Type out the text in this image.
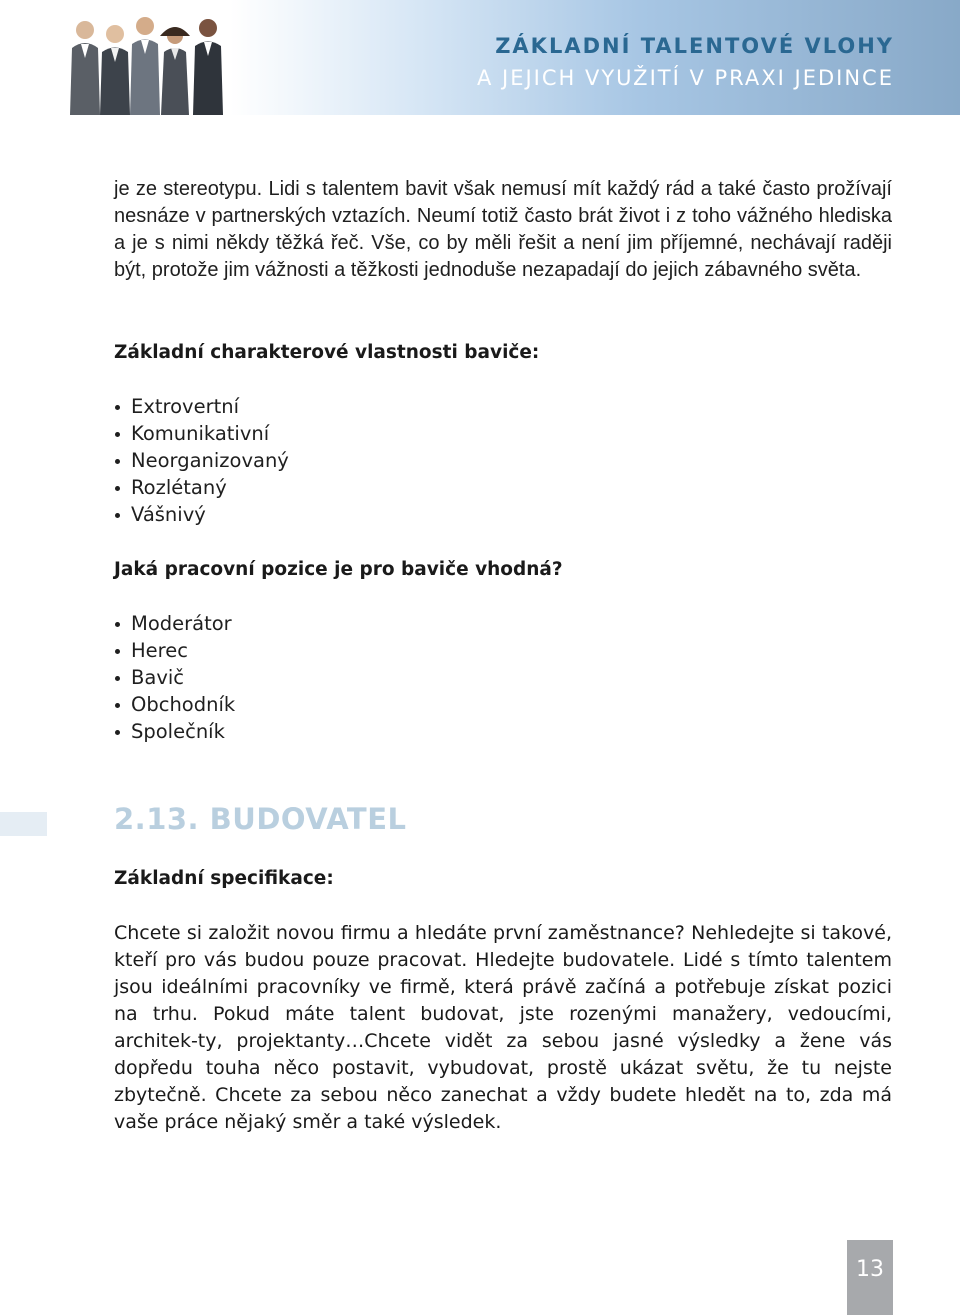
ZÁKLADNÍ TALENTOVÉ VLOHY
A JEJICH VYUŽITÍ V PRAXI JEDINCE

je ze stereotypu. Lidi s talentem bavit však nemusí mít každý rád a také často prožívají nesnáze v partnerských vztazích. Neumí totiž často brát život i z toho vážného hlediska a je s nimi někdy těžká řeč. Vše, co by měli řešit a není jim příjemné, nechávají raději být, protože jim vážnosti a těžkosti jednoduše nezapadají do jejich zábavného světa.

Základní charakterové vlastnosti baviče:
Extrovertní
Komunikativní
Neorganizovaný
Rozlétaný
Vášnivý
Jaká pracovní pozice je pro baviče vhodná?
Moderátor
Herec
Bavič
Obchodník
Společník
2.13. BUDOVATEL
Základní specifikace:

Chcete si založit novou firmu a hledáte první zaměstnance? Nehledejte si takové, kteří pro vás budou pouze pracovat. Hledejte budovatele. Lidé s tímto talentem jsou ideálními pracovníky ve firmě, která právě začíná a potřebuje získat pozici na trhu. Pokud máte talent budovat, jste rozenými manažery, vedoucími, architek-ty, projektanty…Chcete vidět za sebou jasné výsledky a žene vás dopředu touha něco postavit, vybudovat, prostě ukázat světu, že tu nejste zbytečně. Chcete za sebou něco zanechat a vždy budete hledět na to, zda má vaše práce nějaký směr a také výsledek.

13
